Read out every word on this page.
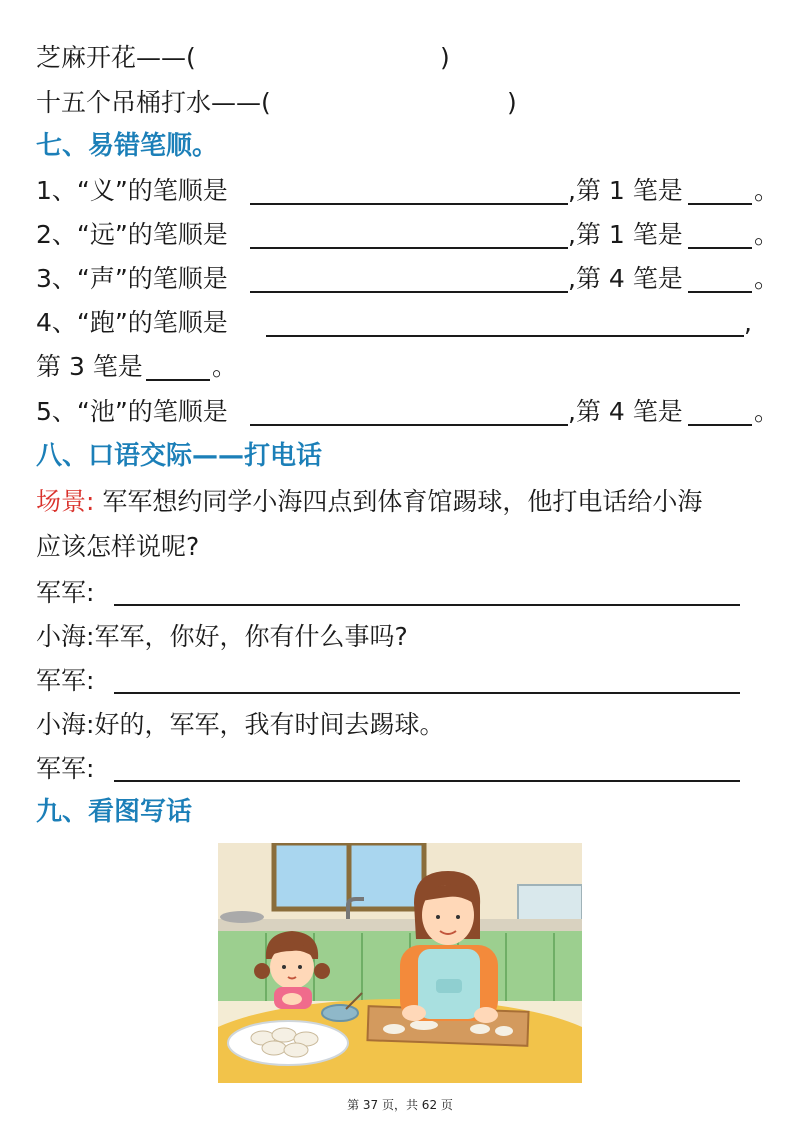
芝麻开花——(	)
十五个吊桶打水——(	)
七、易错笔顺。
1、“义”的笔顺是	,第 1 笔是	。
2、“远”的笔顺是	,第 1 笔是	。
3、“声”的笔顺是	,第 4 笔是	。
4、“跑”的笔顺是	,
第 3 笔是	。
5、“池”的笔顺是	,第 4 笔是	。
八、口语交际——打电话
场景: 军军想约同学小海四点到体育馆踢球，他打电话给小海
应该怎样说呢?
军军:
小海:军军，你好，你有什么事吗?
军军:
小海:好的，军军，我有时间去踢球。
军军:
九、看图写话
第 37 页，共 62 页
